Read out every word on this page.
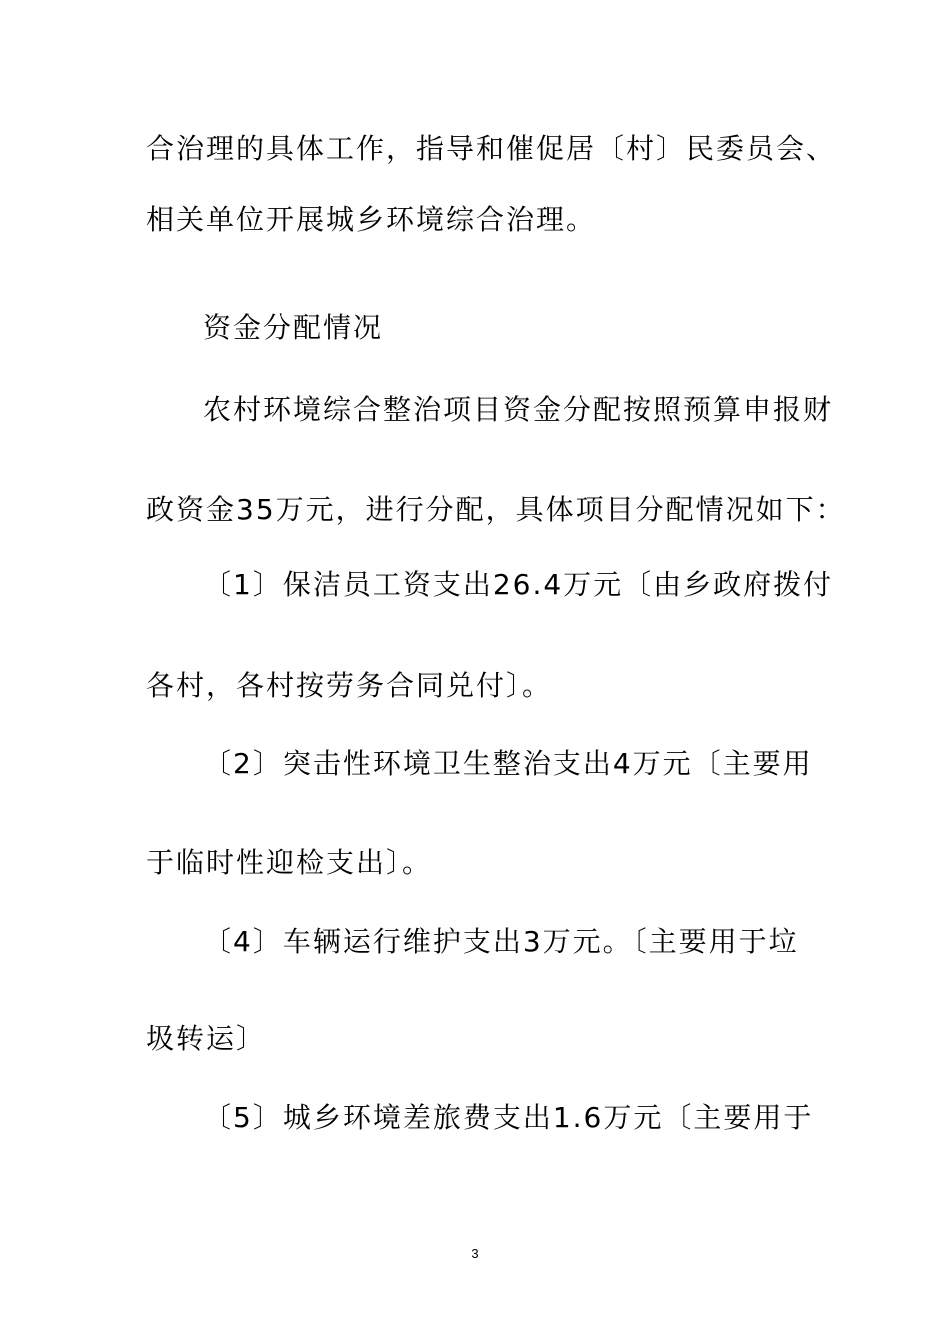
合治理的具体工作，指导和催促居〔村〕民委员会、
相关单位开展城乡环境综合治理。
资金分配情况
农村环境综合整治项目资金分配按照预算申报财
政资金35万元，进行分配，具体项目分配情况如下：
〔1〕保洁员工资支出26.4万元〔由乡政府拨付
各村，各村按劳务合同兑付〕。
〔2〕突击性环境卫生整治支出4万元〔主要用
于临时性迎检支出〕。
〔4〕车辆运行维护支出3万元。〔主要用于垃
圾转运〕
〔5〕城乡环境差旅费支出1.6万元〔主要用于
3
